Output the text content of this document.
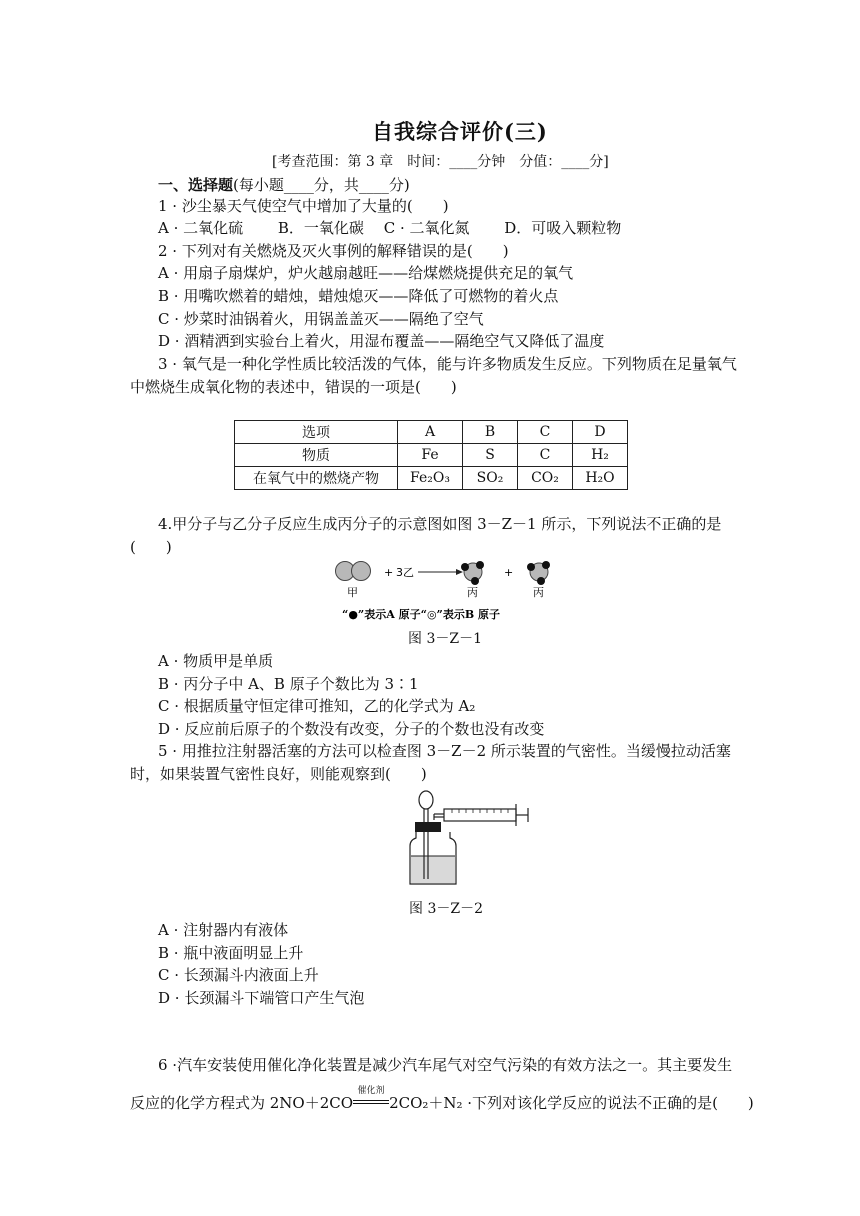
自我综合评价(三)
[考查范围：第 3 章　时间：____分钟　分值：____分]
一、选择题(每小题____分，共____分)
1 · 沙尘暴天气使空气中增加了大量的(　　)
A · 二氧化硫　　 B．一氧化碳　 C · 二氧化氮　　 D．可吸入颗粒物
2 · 下列对有关燃烧及灭火事例的解释错误的是(　　)
A · 用扇子扇煤炉，炉火越扇越旺——给煤燃烧提供充足的氧气
B · 用嘴吹燃着的蜡烛，蜡烛熄灭——降低了可燃物的着火点
C · 炒菜时油锅着火，用锅盖盖灭——隔绝了空气
D · 酒精洒到实验台上着火，用湿布覆盖——隔绝空气又降低了温度
3 · 氧气是一种化学性质比较活泼的气体，能与许多物质发生反应。下列物质在足量氧气
中燃烧生成氧化物的表述中，错误的一项是(　　)
选项	A	B	C	D
物质	Fe	S	C	H₂
在氧气中的燃烧产物	Fe₂O₃	SO₂	CO₂	H₂O
4.甲分子与乙分子反应生成丙分子的示意图如图 3－Z－1 所示，下列说法不正确的是
(　　)
+ 3乙	+
甲	丙	丙
“●”表示A 原子“◎”表示B 原子
图 3－Z－1
A · 物质甲是单质
B · 丙分子中 A、B 原子个数比为 3∶1
C · 根据质量守恒定律可推知，乙的化学式为 A₂
D · 反应前后原子的个数没有改变，分子的个数也没有改变
5 · 用推拉注射器活塞的方法可以检查图 3－Z－2 所示装置的气密性。当缓慢拉动活塞
时，如果装置气密性良好，则能观察到(　　)
图 3－Z－2
A · 注射器内有液体
B · 瓶中液面明显上升
C · 长颈漏斗内液面上升
D · 长颈漏斗下端管口产生气泡
6 ·汽车安装使用催化净化装置是减少汽车尾气对空气污染的有效方法之一。其主要发生
反应的化学方程式为 2NO＋2CO
催化剂
2CO₂＋N₂ ·下列对该化学反应的说法不正确的是(　　)
